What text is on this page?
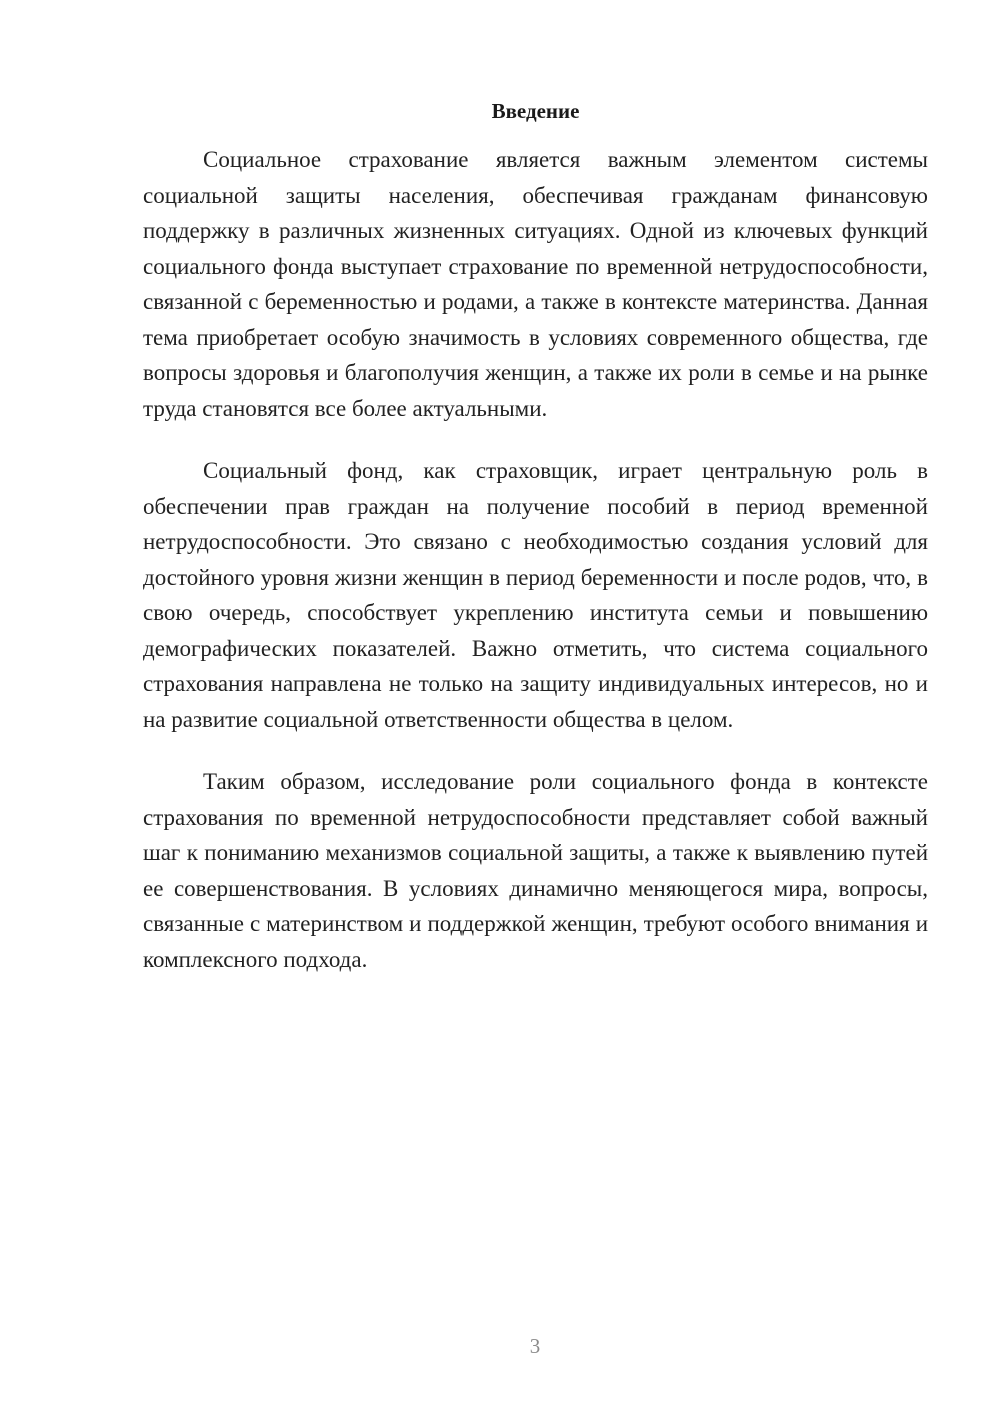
Введение

Социальное страхование является важным элементом системы социальной защиты населения, обеспечивая гражданам финансовую поддержку в различных жизненных ситуациях. Одной из ключевых функций социального фонда выступает страхование по временной нетрудоспособности, связанной с беременностью и родами, а также в контексте материнства. Данная тема приобретает особую значимость в условиях современного общества, где вопросы здоровья и благополучия женщин, а также их роли в семье и на рынке труда становятся все более актуальными.

Социальный фонд, как страховщик, играет центральную роль в обеспечении прав граждан на получение пособий в период временной нетрудоспособности. Это связано с необходимостью создания условий для достойного уровня жизни женщин в период беременности и после родов, что, в свою очередь, способствует укреплению института семьи и повышению демографических показателей. Важно отметить, что система социального страхования направлена не только на защиту индивидуальных интересов, но и на развитие социальной ответственности общества в целом.

Таким образом, исследование роли социального фонда в контексте страхования по временной нетрудоспособности представляет собой важный шаг к пониманию механизмов социальной защиты, а также к выявлению путей ее совершенствования. В условиях динамично меняющегося мира, вопросы, связанные с материнством и поддержкой женщин, требуют особого внимания и комплексного подхода.

3
